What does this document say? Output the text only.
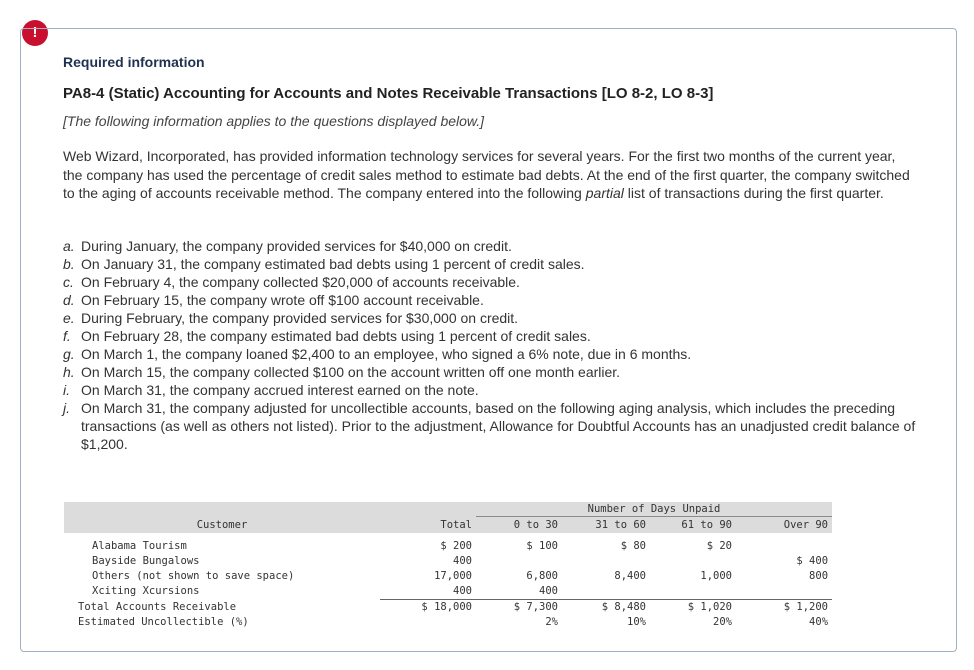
!
Required information
PA8-4 (Static) Accounting for Accounts and Notes Receivable Transactions [LO 8-2, LO 8-3]
[The following information applies to the questions displayed below.]

Web Wizard, Incorporated, has provided information technology services for several years. For the first two months of the current year, the company has used the percentage of credit sales method to estimate bad debts. At the end of the first quarter, the company switched to the aging of accounts receivable method. The company entered into the following partial list of transactions during the first quarter.

a. During January, the company provided services for $40,000 on credit.
b. On January 31, the company estimated bad debts using 1 percent of credit sales.
c. On February 4, the company collected $20,000 of accounts receivable.
d. On February 15, the company wrote off $100 account receivable.
e. During February, the company provided services for $30,000 on credit.
f. On February 28, the company estimated bad debts using 1 percent of credit sales.
g. On March 1, the company loaned $2,400 to an employee, who signed a 6% note, due in 6 months.
h. On March 15, the company collected $100 on the account written off one month earlier.
i. On March 31, the company accrued interest earned on the note.
j. On March 31, the company adjusted for uncollectible accounts, based on the following aging analysis, which includes the preceding transactions (as well as others not listed). Prior to the adjustment, Allowance for Doubtful Accounts has an unadjusted credit balance of $1,200.
		Number of Days Unpaid			
Customer	Total	0 to 30	31 to 60	61 to 90	Over 90

Alabama Tourism	$ 200	$ 100	$ 80	$ 20	
Bayside Bungalows	400				$ 400
Others (not shown to save space)	17,000	6,800	8,400	1,000	800
Xciting Xcursions	400	400			
Total Accounts Receivable	$ 18,000	$ 7,300	$ 8,480	$ 1,020	$ 1,200
Estimated Uncollectible (%)		2%	10%	20%	40%
